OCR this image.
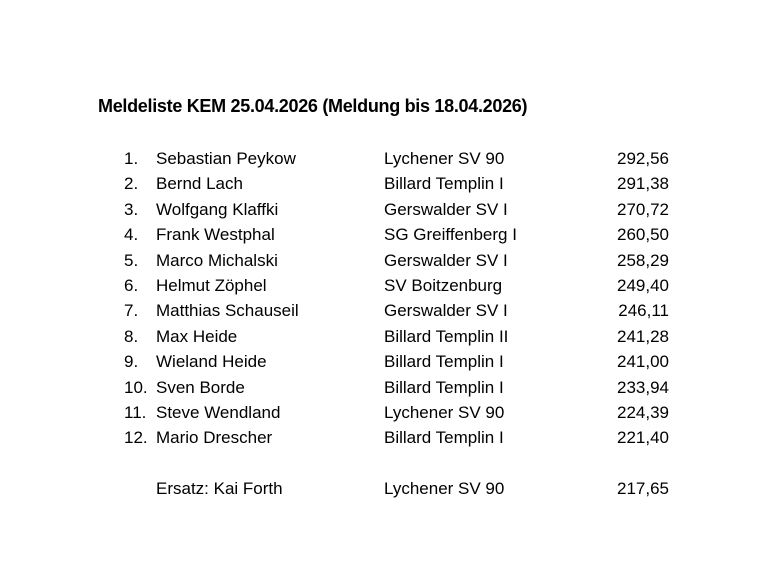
Meldeliste KEM 25.04.2026 (Meldung bis 18.04.2026)
1.	Sebastian Peykow	Lychener SV 90	292,56
2.	Bernd Lach	Billard Templin I	291,38
3.	Wolfgang Klaffki	Gerswalder SV I	270,72
4.	Frank Westphal	SG Greiffenberg I	260,50
5.	Marco Michalski	Gerswalder SV I	258,29
6.	Helmut Zöphel	SV Boitzenburg	249,40
7.	Matthias Schauseil	Gerswalder SV I	246,11
8.	Max Heide	Billard Templin II	241,28
9.	Wieland Heide	Billard Templin I	241,00
10. Sven Borde	Billard Templin I	233,94
11. Steve Wendland	Lychener SV 90	224,39
12. Mario Drescher	Billard Templin I	221,40
Ersatz: Kai Forth	Lychener SV 90	217,65
